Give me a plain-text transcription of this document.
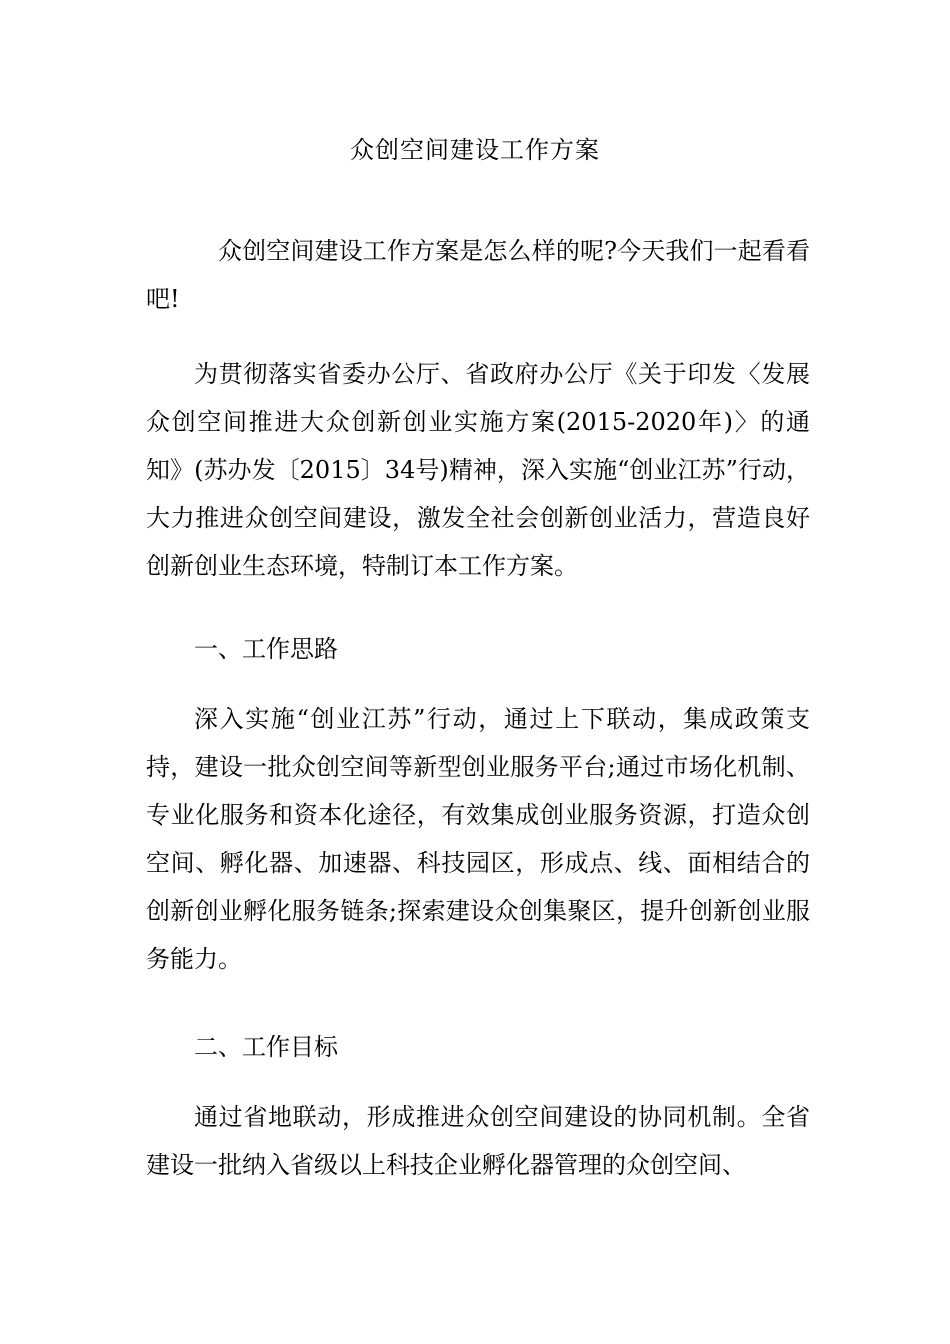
众创空间建设工作方案

众创空间建设工作方案是怎么样的呢?今天我们一起看看吧!

为贯彻落实省委办公厅、省政府办公厅《关于印发〈发展众创空间推进大众创新创业实施方案(2015-2020年)〉的通知》(苏办发〔2015〕34号)精神，深入实施“创业江苏”行动，大力推进众创空间建设，激发全社会创新创业活力，营造良好创新创业生态环境，特制订本工作方案。

一、工作思路

深入实施“创业江苏”行动，通过上下联动，集成政策支持，建设一批众创空间等新型创业服务平台;通过市场化机制、专业化服务和资本化途径，有效集成创业服务资源，打造众创空间、孵化器、加速器、科技园区，形成点、线、面相结合的创新创业孵化服务链条;探索建设众创集聚区，提升创新创业服务能力。

二、工作目标

通过省地联动，形成推进众创空间建设的协同机制。全省建设一批纳入省级以上科技企业孵化器管理的众创空间、
